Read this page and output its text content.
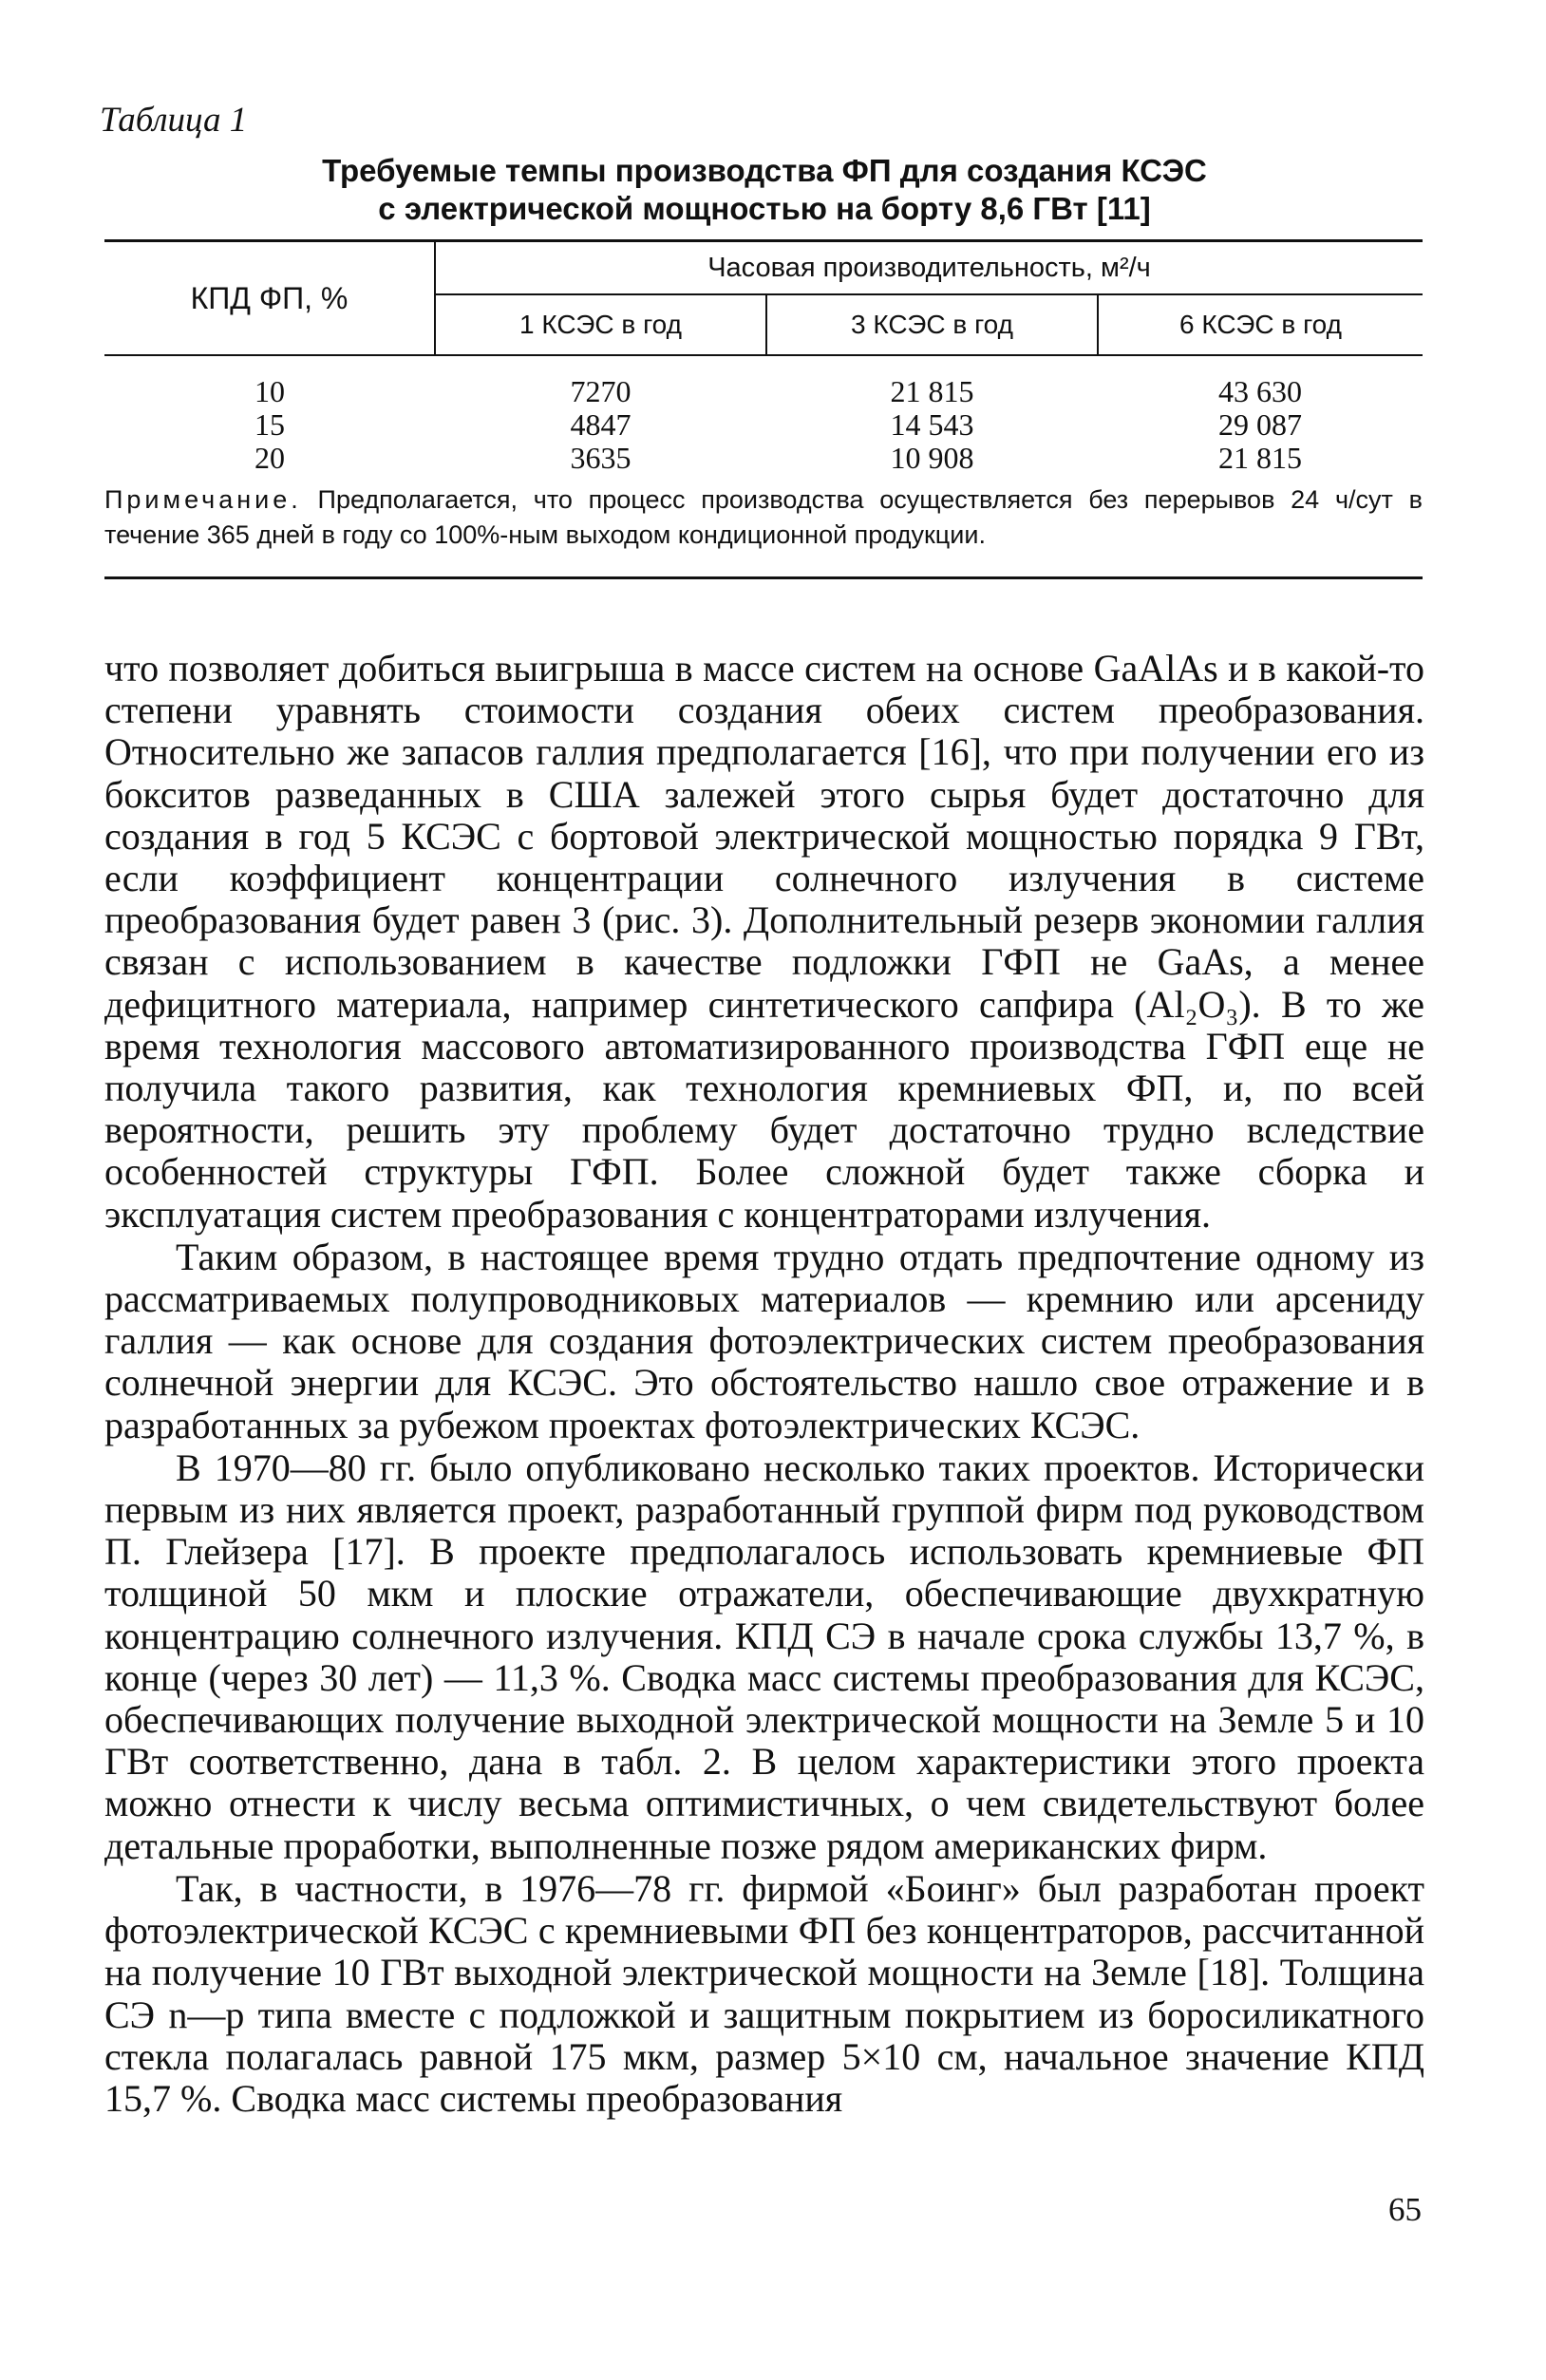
Таблица 1
Требуемые темпы производства ФП для создания КСЭС
с электрической мощностью на борту 8,6 ГВт [11]
КПД ФП, %	Часовая производительность, м²/ч		
	1 КСЭС в год	3 КСЭС в год	6 КСЭС в год
10	7270	21 815	43 630
15	4847	14 543	29 087
20	3635	10 908	21 815
Примечание. Предполагается, что процесс производства осуществляется без перерывов 24 ч/сут в течение 365 дней в году со 100%-ным выходом кондиционной продукции.

что позволяет добиться выигрыша в массе систем на основе GaAlAs и в какой-то степени уравнять стоимости создания обеих систем преобразования. Относительно же запасов галлия предполагается [16], что при получении его из бокситов разведанных в США залежей этого сырья будет достаточно для создания в год 5 КСЭС с бортовой электрической мощностью порядка 9 ГВт, если коэффициент концентрации солнечного излучения в системе преобразования будет равен 3 (рис. 3). Дополнительный резерв экономии галлия связан с использованием в качестве подложки ГФП не GaAs, а менее дефицитного материала, например синтетического сапфира (Al₂O₃). В то же время технология массового автоматизированного производства ГФП еще не получила такого развития, как технология кремниевых ФП, и, по всей вероятности, решить эту проблему будет достаточно трудно вследствие особенностей структуры ГФП. Более сложной будет также сборка и эксплуатация систем преобразования с концентраторами излучения.

Таким образом, в настоящее время трудно отдать предпочтение одному из рассматриваемых полупроводниковых материалов — кремнию или арсениду галлия — как основе для создания фотоэлектрических систем преобразования солнечной энергии для КСЭС. Это обстоятельство нашло свое отражение и в разработанных за рубежом проектах фотоэлектрических КСЭС.

В 1970—80 гг. было опубликовано несколько таких проектов. Исторически первым из них является проект, разработанный группой фирм под руководством П. Глейзера [17]. В проекте предполагалось использовать кремниевые ФП толщиной 50 мкм и плоские отражатели, обеспечивающие двухкратную концентрацию солнечного излучения. КПД СЭ в начале срока службы 13,7 %, в конце (через 30 лет) — 11,3 %. Сводка масс системы преобразования для КСЭС, обеспечивающих получение выходной электрической мощности на Земле 5 и 10 ГВт соответственно, дана в табл. 2. В целом характеристики этого проекта можно отнести к числу весьма оптимистичных, о чем свидетельствуют более детальные проработки, выполненные позже рядом американских фирм.

Так, в частности, в 1976—78 гг. фирмой «Боинг» был разработан проект фотоэлектрической КСЭС с кремниевыми ФП без концентраторов, рассчитанной на получение 10 ГВт выходной электрической мощности на Земле [18]. Толщина СЭ n—p типа вместе с подложкой и защитным покрытием из боросиликатного стекла полагалась равной 175 мкм, размер 5×10 см, начальное значение КПД 15,7 %. Сводка масс системы преобразования

65
